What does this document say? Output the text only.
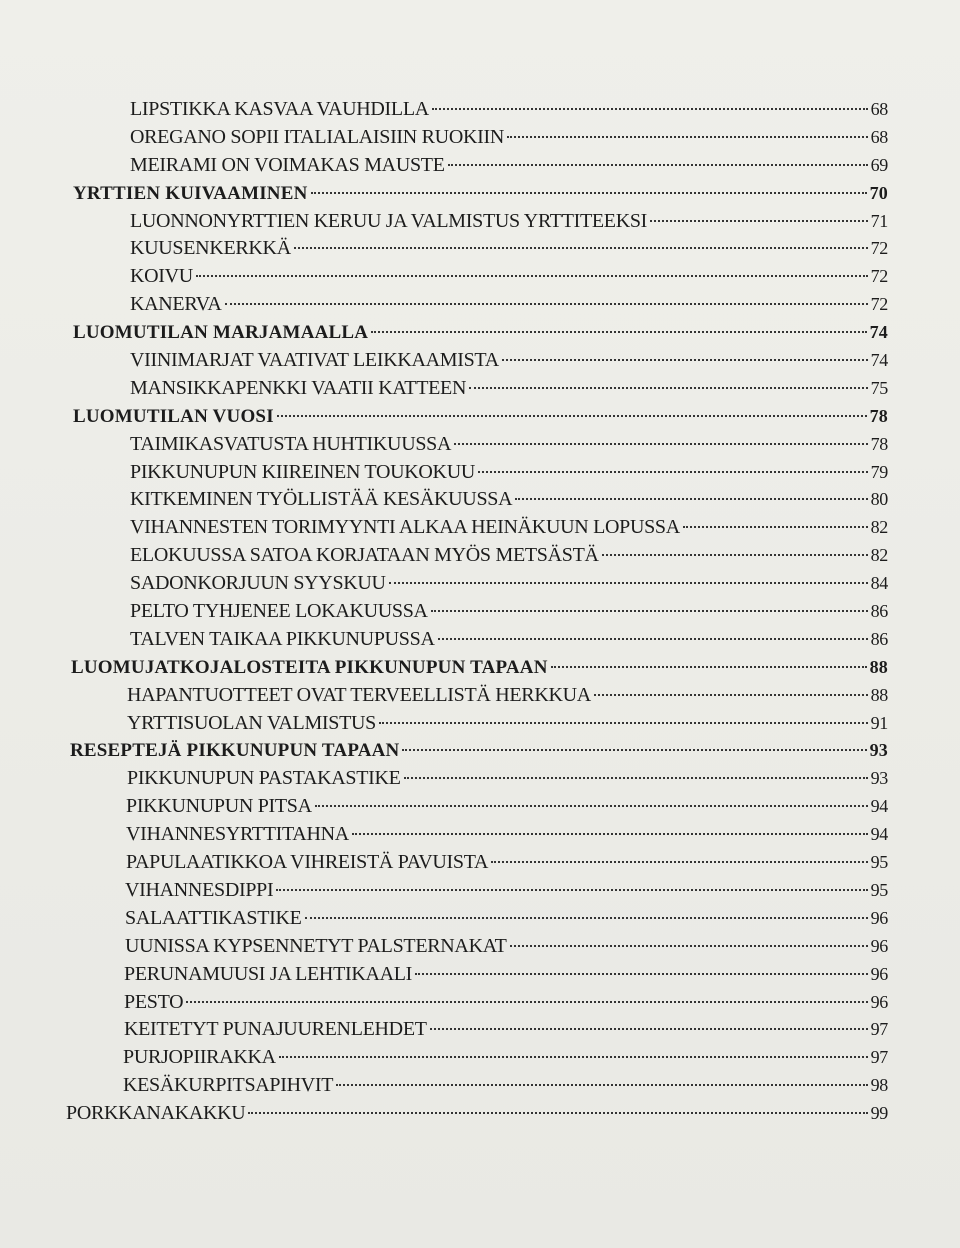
LIPSTIKKA KASVAA VAUHDILLA	68
OREGANO SOPII ITALIALAISIIN RUOKIIN	68
MEIRAMI ON VOIMAKAS MAUSTE	69
YRTTIEN KUIVAAMINEN	70
LUONNONYRTTIEN KERUU JA VALMISTUS YRTTITEEKSI	71
KUUSENKERKKÄ	72
KOIVU	72
KANERVA	72
LUOMUTILAN MARJAMAALLA	74
VIINIMARJAT VAATIVAT LEIKKAAMISTA	74
MANSIKKAPENKKI VAATII KATTEEN	75
LUOMUTILAN VUOSI	78
TAIMIKASVATUSTA HUHTIKUUSSA	78
PIKKUNUPUN KIIREINEN TOUKOKUU	79
KITKEMINEN TYÖLLISTÄÄ KESÄKUUSSA	80
VIHANNESTEN TORIMYYNTI ALKAA HEINÄKUUN LOPUSSA	82
ELOKUUSSA SATOA KORJATAAN MYÖS METSÄSTÄ	82
SADONKORJUUN SYYSKUU	84
PELTO TYHJENEE LOKAKUUSSA	86
TALVEN TAIKAA PIKKUNUPUSSA	86
LUOMUJATKOJALOSTEITA PIKKUNUPUN TAPAAN	88
HAPANTUOTTEET OVAT TERVEELLISTÄ HERKKUA	88
YRTTISUOLAN VALMISTUS	91
RESEPTEJÄ PIKKUNUPUN TAPAAN	93
PIKKUNUPUN PASTAKASTIKE	93
PIKKUNUPUN PITSA	94
VIHANNESYRTTITAHNA	94
PAPULAATIKKOA VIHREISTÄ PAVUISTA	95
VIHANNESDIPPI	95
SALAATTIKASTIKE	96
UUNISSA KYPSENNETYT PALSTERNAKAT	96
PERUNAMUUSI JA LEHTIKAALI	96
PESTO	96
KEITETYT PUNAJUURENLEHDET	97
PURJOPIIRAKKA	97
KESÄKURPITSAPIHVIT	98
PORKKANAKAKKU	99
